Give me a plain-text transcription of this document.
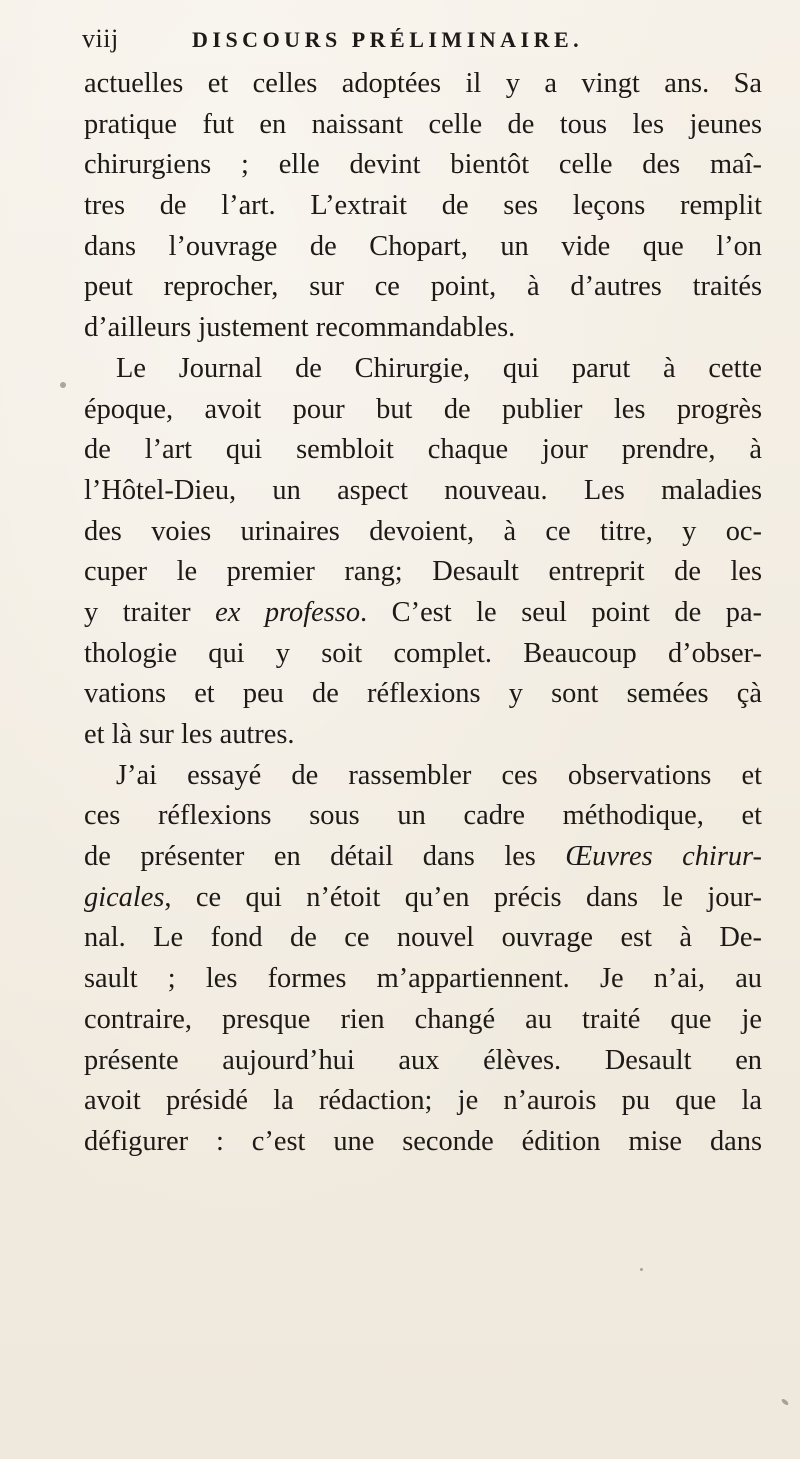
viij	DISCOURS PRÉLIMINAIRE.
actuelles et celles adoptées il y a vingt ans. Sa
pratique fut en naissant celle de tous les jeunes
chirurgiens ; elle devint bientôt celle des maî-
tres de l’art. L’extrait de ses leçons remplit
dans l’ouvrage de Chopart, un vide que l’on
peut reprocher, sur ce point, à d’autres traités
d’ailleurs justement recommandables.
Le Journal de Chirurgie, qui parut à cette
époque, avoit pour but de publier les progrès
de l’art qui sembloit chaque jour prendre, à
l’Hôtel-Dieu, un aspect nouveau. Les maladies
des voies urinaires devoient, à ce titre, y oc-
cuper le premier rang; Desault entreprit de les
y traiter ex professo. C’est le seul point de pa-
thologie qui y soit complet. Beaucoup d’obser-
vations et peu de réflexions y sont semées çà
et là sur les autres.
J’ai essayé de rassembler ces observations et
ces réflexions sous un cadre méthodique, et
de présenter en détail dans les Œuvres chirur-
gicales, ce qui n’étoit qu’en précis dans le jour-
nal. Le fond de ce nouvel ouvrage est à De-
sault ; les formes m’appartiennent. Je n’ai, au
contraire, presque rien changé au traité que je
présente aujourd’hui aux élèves. Desault en
avoit présidé la rédaction; je n’aurois pu que la
défigurer : c’est une seconde édition mise dans
